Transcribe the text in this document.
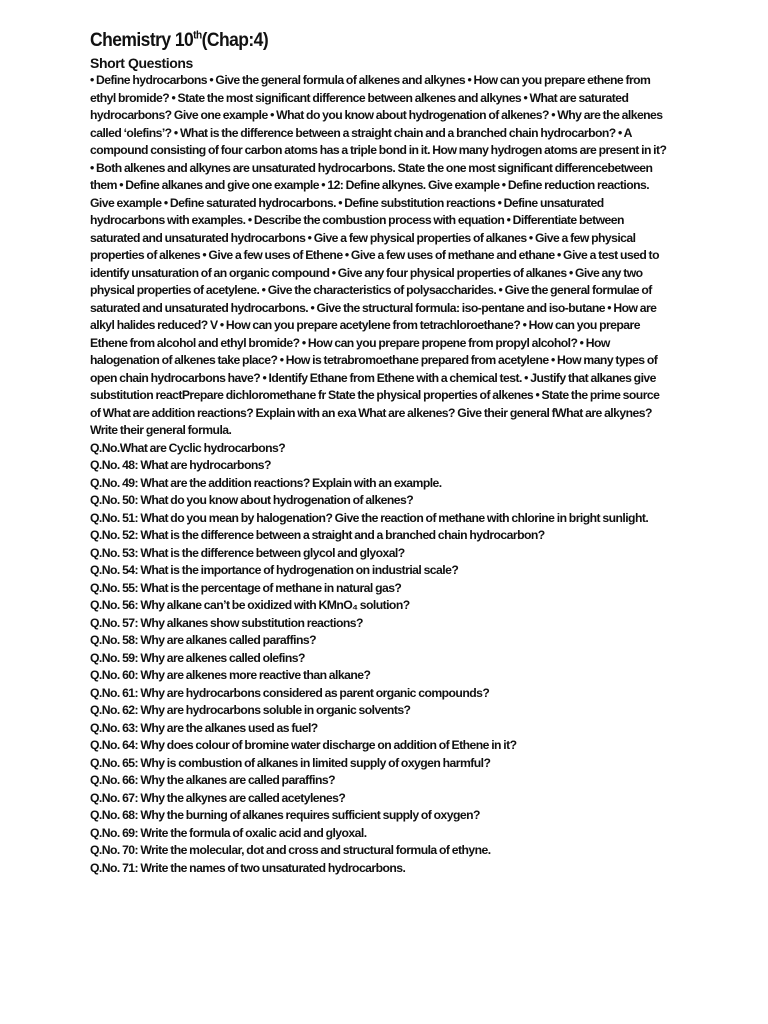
Chemistry 10th(Chap:4)
Short Questions

• Define hydrocarbons • Give the general formula of alkenes and alkynes • How can you prepare ethene from ethyl bromide? • State the most significant difference between alkenes and alkynes • What are saturated hydrocarbons? Give one example • What do you know about hydrogenation of alkenes? • Why are the alkenes called ‘olefins’? • What is the difference between a straight chain and a branched chain hydrocarbon? • A compound consisting of four carbon atoms has a triple bond in it. How many hydrogen atoms are present in it? • Both alkenes and alkynes are unsaturated hydrocarbons. State the one most significant differencebetween them • Define alkanes and give one example • 12: Define alkynes. Give example • Define reduction reactions. Give example • Define saturated hydrocarbons. • Define substitution reactions • Define unsaturated hydrocarbons with examples. • Describe the combustion process with equation • Differentiate between saturated and unsaturated hydrocarbons • Give a few physical properties of alkanes • Give a few physical properties of alkenes • Give a few uses of Ethene • Give a few uses of methane and ethane • Give a test used to identify unsaturation of an organic compound • Give any four physical properties of alkanes • Give any two physical properties of acetylene. • Give the characteristics of polysaccharides. • Give the general formulae of saturated and unsaturated hydrocarbons. • Give the structural formula: iso-pentane and iso-butane • How are alkyl halides reduced? V • How can you prepare acetylene from tetrachloroethane? • How can you prepare Ethene from alcohol and ethyl bromide? • How can you prepare propene from propyl alcohol? • How halogenation of alkenes take place? • How is tetrabromoethane prepared from acetylene • How many types of open chain hydrocarbons have? • Identify Ethane from Ethene with a chemical test. • Justify that alkanes give substitution reactPrepare dichloromethane fr State the physical properties of alkenes • State the prime source of What are addition reactions? Explain with an exa What are alkenes? Give their general fWhat are alkynes? Write their general formula.

Q.No.What are Cyclic hydrocarbons?
Q.No. 48: What are hydrocarbons?
Q.No. 49: What are the addition reactions? Explain with an example.
Q.No. 50: What do you know about hydrogenation of alkenes?
Q.No. 51: What do you mean by halogenation? Give the reaction of methane with chlorine in bright sunlight.
Q.No. 52: What is the difference between a straight and a branched chain hydrocarbon?
Q.No. 53: What is the difference between glycol and glyoxal?
Q.No. 54: What is the importance of hydrogenation on industrial scale?
Q.No. 55: What is the percentage of methane in natural gas?
Q.No. 56: Why alkane can’t be oxidized with KMnO₄ solution?
Q.No. 57: Why alkanes show substitution reactions?
Q.No. 58: Why are alkanes called paraffins?
Q.No. 59: Why are alkenes called olefins?
Q.No. 60: Why are alkenes more reactive than alkane?
Q.No. 61: Why are hydrocarbons considered as parent organic compounds?
Q.No. 62: Why are hydrocarbons soluble in organic solvents?
Q.No. 63: Why are the alkanes used as fuel?
Q.No. 64: Why does colour of bromine water discharge on addition of Ethene in it?
Q.No. 65: Why is combustion of alkanes in limited supply of oxygen harmful?
Q.No. 66: Why the alkanes are called paraffins?
Q.No. 67: Why the alkynes are called acetylenes?
Q.No. 68: Why the burning of alkanes requires sufficient supply of oxygen?
Q.No. 69: Write the formula of oxalic acid and glyoxal.
Q.No. 70: Write the molecular, dot and cross and structural formula of ethyne.
Q.No. 71: Write the names of two unsaturated hydrocarbons.
